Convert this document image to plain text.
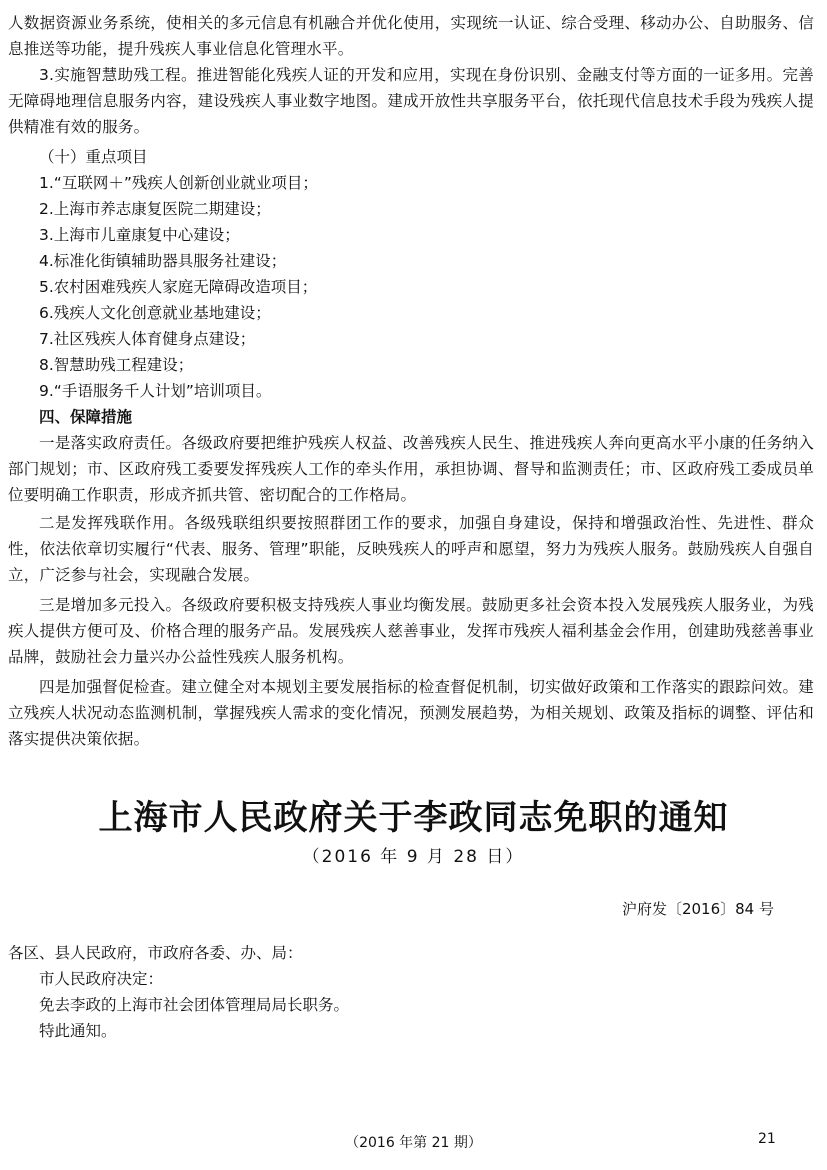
人数据资源业务系统，使相关的多元信息有机融合并优化使用，实现统一认证、综合受理、移动办公、自助服务、信息推送等功能，提升残疾人事业信息化管理水平。

3.实施智慧助残工程。推进智能化残疾人证的开发和应用，实现在身份识别、金融支付等方面的一证多用。完善无障碍地理信息服务内容，建设残疾人事业数字地图。建成开放性共享服务平台，依托现代信息技术手段为残疾人提供精准有效的服务。

（十）重点项目

1.“互联网＋”残疾人创新创业就业项目；

2.上海市养志康复医院二期建设；

3.上海市儿童康复中心建设；

4.标准化街镇辅助器具服务社建设；

5.农村困难残疾人家庭无障碍改造项目；

6.残疾人文化创意就业基地建设；

7.社区残疾人体育健身点建设；

8.智慧助残工程建设；

9.“手语服务千人计划”培训项目。

四、保障措施

一是落实政府责任。各级政府要把维护残疾人权益、改善残疾人民生、推进残疾人奔向更高水平小康的任务纳入部门规划；市、区政府残工委要发挥残疾人工作的牵头作用，承担协调、督导和监测责任；市、区政府残工委成员单位要明确工作职责，形成齐抓共管、密切配合的工作格局。

二是发挥残联作用。各级残联组织要按照群团工作的要求，加强自身建设，保持和增强政治性、先进性、群众性，依法依章切实履行“代表、服务、管理”职能，反映残疾人的呼声和愿望，努力为残疾人服务。鼓励残疾人自强自立，广泛参与社会，实现融合发展。

三是增加多元投入。各级政府要积极支持残疾人事业均衡发展。鼓励更多社会资本投入发展残疾人服务业，为残疾人提供方便可及、价格合理的服务产品。发展残疾人慈善事业，发挥市残疾人福利基金会作用，创建助残慈善事业品牌，鼓励社会力量兴办公益性残疾人服务机构。

四是加强督促检查。建立健全对本规划主要发展指标的检查督促机制，切实做好政策和工作落实的跟踪问效。建立残疾人状况动态监测机制，掌握残疾人需求的变化情况，预测发展趋势，为相关规划、政策及指标的调整、评估和落实提供决策依据。

上海市人民政府关于李政同志免职的通知

（2016 年 9 月 28 日）

沪府发〔2016〕84 号

各区、县人民政府，市政府各委、办、局：

市人民政府决定：

免去李政的上海市社会团体管理局局长职务。

特此通知。

（2016 年第 21 期）	21
